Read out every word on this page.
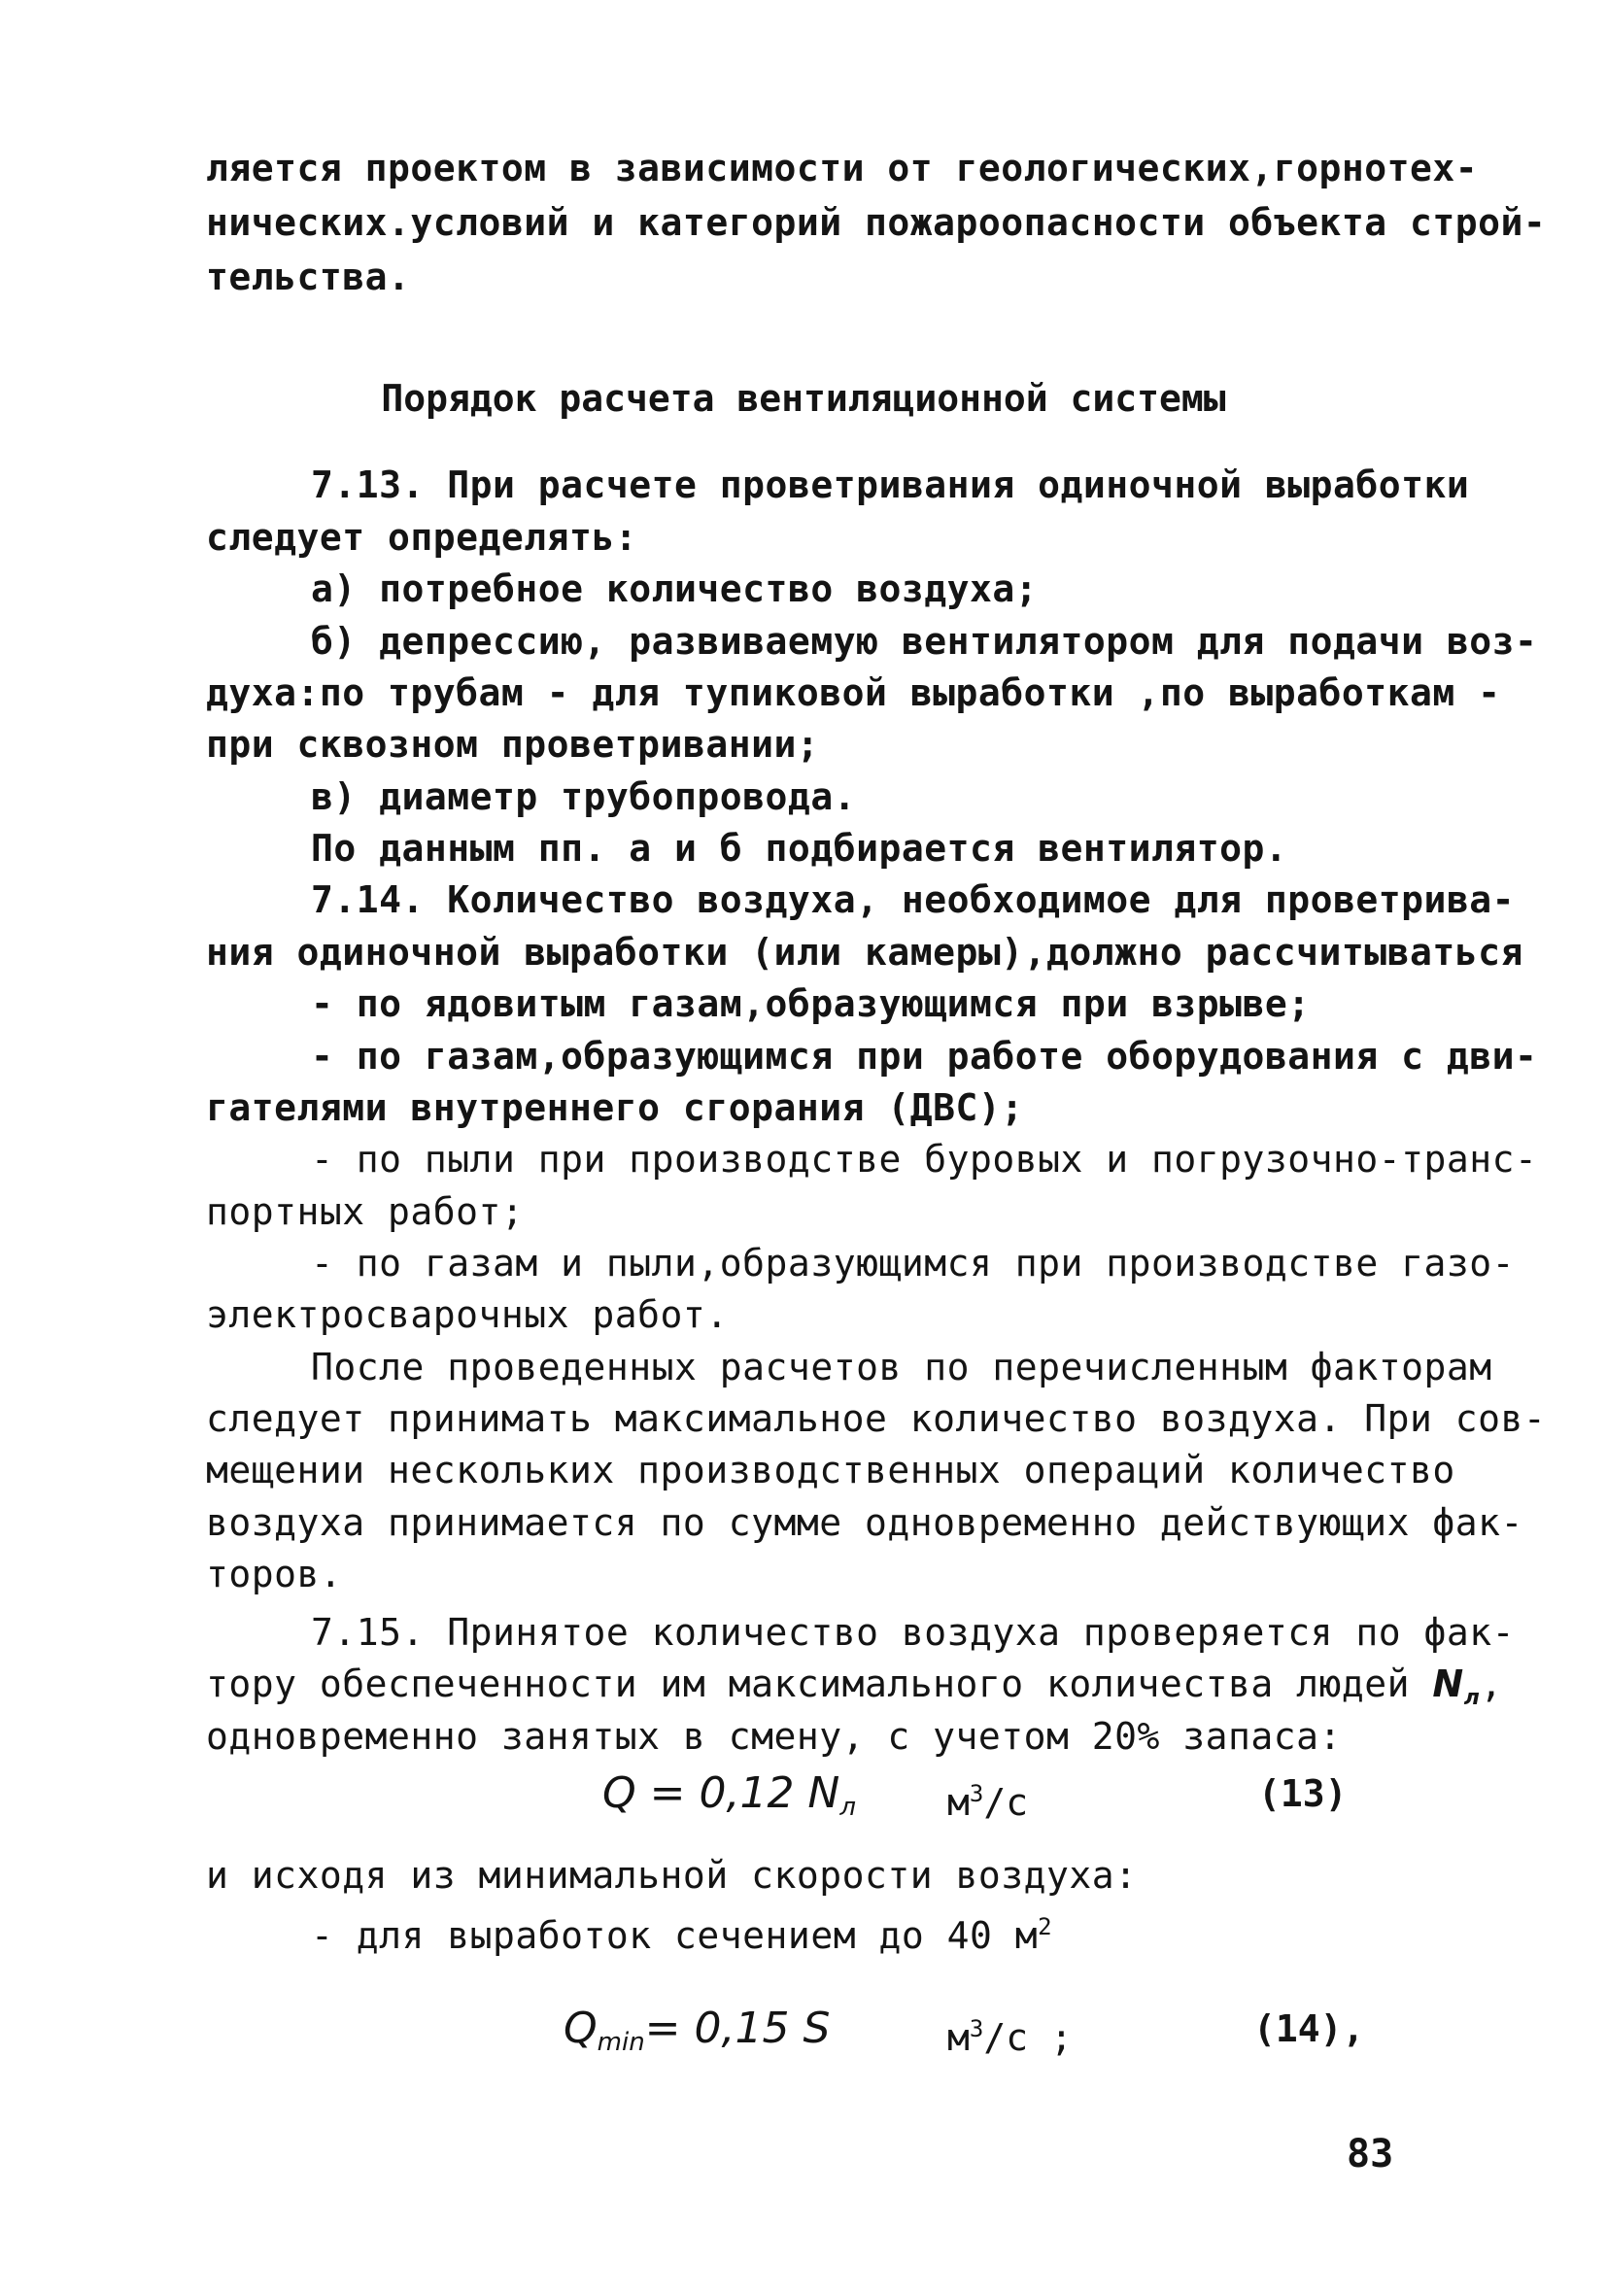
ляется проектом в зависимости от геологических,горнотех-
нических.условий и категорий пожароопасности объекта строй-
тельства.
Порядок расчета вентиляционной системы
7.13. При расчете проветривания одиночной выработки
следует определять:
а) потребное количество воздуха;
б) депрессию, развиваемую вентилятором для подачи воз-
духа:по трубам - для тупиковой выработки ,по выработкам -
при сквозном проветривании;
в) диаметр трубопровода.
По данным пп. а и б подбирается вентилятор.
7.14. Количество воздуха, необходимое для проветрива-
ния одиночной выработки (или камеры),должно рассчитываться
- по ядовитым газам,образующимся при взрыве;
- по газам,образующимся при работе оборудования с дви-
гателями внутреннего сгорания (ДВС);
- по пыли при производстве буровых и погрузочно-транс-
портных работ;
- по газам и пыли,образующимся при производстве газо-
электросварочных работ.
После проведенных расчетов по перечисленным факторам
следует принимать максимальное количество воздуха. При сов-
мещении нескольких производственных операций количество
воздуха принимается по сумме одновременно действующих фак-
торов.
7.15. Принятое количество воздуха проверяется по фак-
тору обеспеченности им максимального количества людей $N_л$,
одновременно занятых в смену, с учетом 20% запаса:
Q = 0,12 $N_л$ $м^3/с$	(13)
и исходя из минимальной скорости воздуха:
- для выработок сечением до 40 $м^2$
$Q_{min}= 0,15$ S	$м^3/с$ ;	(14),
83
